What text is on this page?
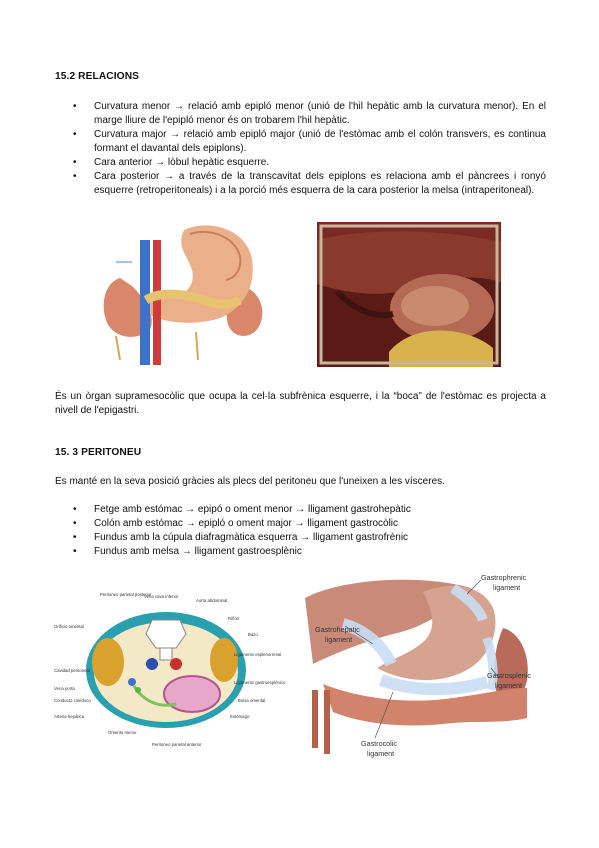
15.2 RELACIONS
• Curvatura menor → relació amb epipló menor (unió de l'hil hepàtic amb la curvatura menor). En el marge lliure de l'epipló menor és on trobarem l'hil hepàtic.
• Curvatura major → relació amb epipló major (unió de l'estòmac amb el colón transvers, es continua formant el davantal dels epiplons).
• Cara anterior → lòbul hepàtic esquerre.
• Cara posterior → a través de la transcavitat dels epiplons es relaciona amb el pàncrees i ronyó esquerre (retroperitoneals) i a la porció més esquerra de la cara posterior la melsa (intraperitoneal).
És un òrgan supramesocòlic que ocupa la cel·la subfrènica esquerre, i la “boca” de l'estòmac es projecta a nivell de l'epigastri.
15. 3 PERITONEU
Es manté en la seva posició gràcies als plecs del peritoneu que l'uneixen a les vísceres.
• Fetge amb estómac → epipó o oment menor → lligament gastrohepàtic
• Colón amb estómac → epipló o oment major → lligament gastrocòlic
• Fundus amb la cúpula diafragmàtica esquerra → lligament gastrofrènic
• Fundus amb melsa → lligament gastroesplènic
Peritoneo parietal posterior
Vena cava inferior
Aorta abdominal
Riñón
Orificio omental
Bazo
Cavidad peritoneal
Ligamento esplenorrenal
Vena porta
Ligamento gastroesplénico
Conducto colédoco	Bolsa omental
Arteria hepática	Estómago
Omento menor
Peritoneo parietal anterior
Gastrophrenic
ligament
Gastrohepatic
ligament
Gastrosplenic
ligament
Gastrocolic
ligament
